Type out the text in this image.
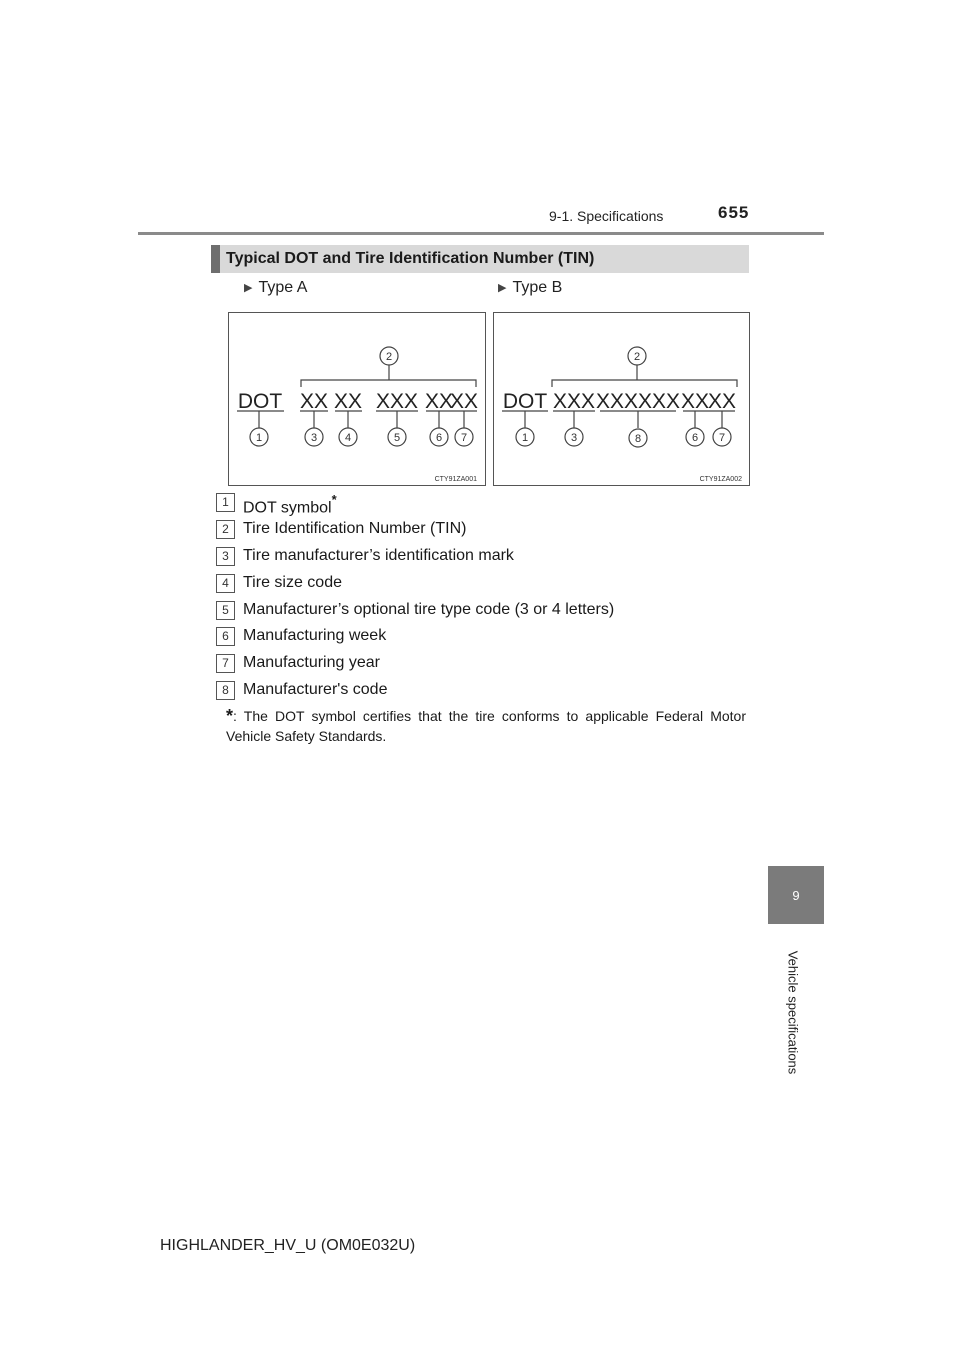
9-1. Specifications	655
9
Vehicle specifications
Typical DOT and Tire Identification Number (TIN)
▶ Type A	▶ Type B
DOT XX XX XXX XX
XX
2
1	3	4	5	6 7
CTY91ZA001
DOT XXX XXXXXX XX
XX
2
1	3	8	6 7
CTY91ZA002
1 DOT symbol*
2 Tire Identification Number (TIN)
3 Tire manufacturer’s identification mark
4 Tire size code
5 Manufacturer’s optional tire type code (3 or 4 letters)
6 Manufacturing week
7 Manufacturing year
8 Manufacturer's code
*: The DOT symbol certifies that the tire conforms to applicable Federal Motor Vehicle Safety Standards.
HIGHLANDER_HV_U (OM0E032U)
